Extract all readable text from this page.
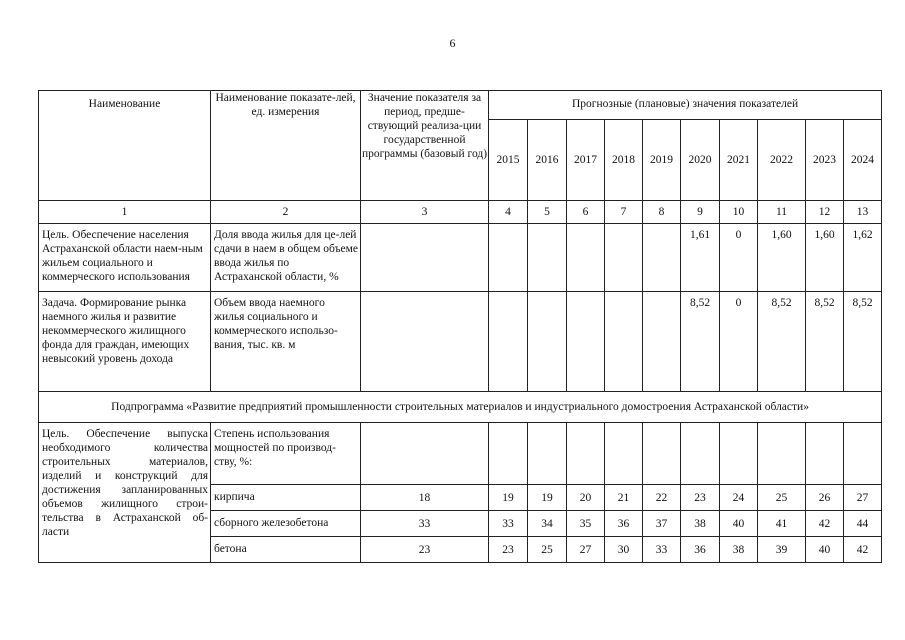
6
Наименование	Наименование показате-лей, ед. измерения	Значение показателя за период, предше-ствующий реализа-ции государственной программы (базовый год)	Прогнозные (плановые) значения показателей									
			2015	2016	2017	2018	2019	2020	2021	2022	2023	2024
1	2	3	4	5	6	7	8	9	10	11	12	13
Цель. Обеспечение населения Астраханской области наем-ным жильем социального и коммерческого использования	Доля ввода жилья для це-лей сдачи в наем в общем объеме ввода жилья по Астраханской области, %							1,61	0	1,60	1,60	1,62
Задача. Формирование рынка наемного жилья и развитие некоммерческого жилищного фонда для граждан, имеющих невысокий уровень дохода	Объем ввода наемного жилья социального и коммерческого использо-вания, тыс. кв. м							8,52	0	8,52	8,52	8,52
Подпрограмма «Развитие предприятий промышленности строительных материалов и индустриального домостроения Астраханской области»												
Цель. Обеспечение выпуска необходимого количества строительных материалов, изделий и конструкций для достижения запланированных объемов жилищного строи-тельства в Астраханской об-ласти	Степень использования мощностей по производ-ству, %:											
	кирпича	18	19	19	20	21	22	23	24	25	26	27
	сборного железобетона	33	33	34	35	36	37	38	40	41	42	44
	бетона	23	23	25	27	30	33	36	38	39	40	42
